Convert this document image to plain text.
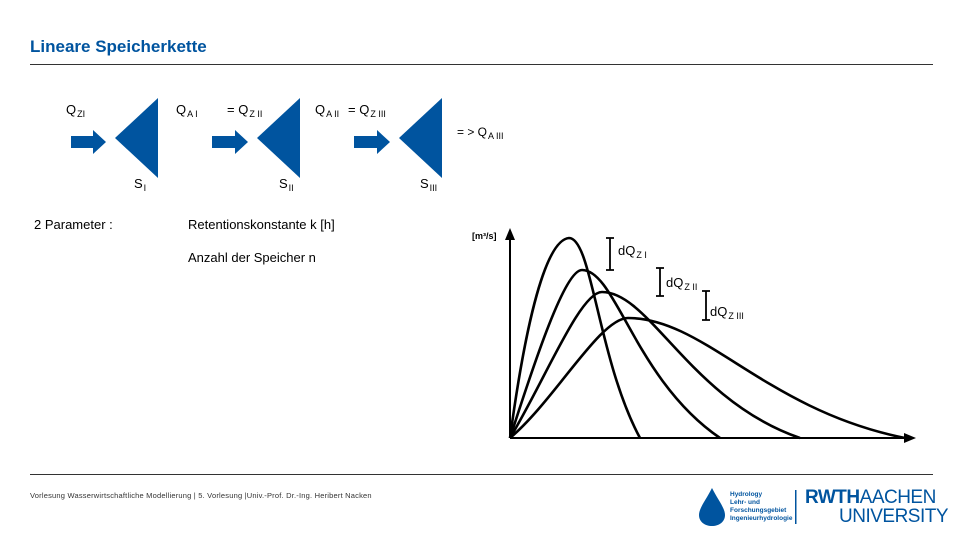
Lineare Speicherkette
$Q_{ZI}$	$Q_{A I} = Q_{Z II}$	$Q_{A II} = Q_{Z III}$
= > $Q_{A III}$
$S_I$	$S_{II}$	$S_{III}$
2 Parameter :	Retentionskonstante k [h]
Anzahl der Speicher n
[m³/s]
$dQ_{Z I}$
$dQ_{Z II}$
$dQ_{Z III}$
Vorlesung Wasserwirtschaftliche Modellierung | 5. Vorlesung |Univ.-Prof. Dr.-Ing. Heribert Nacken	Hydrology
Lehr- und
Forschungsgebiet
Ingenieurhydrologie
RWTHAACHEN
UNIVERSITY
